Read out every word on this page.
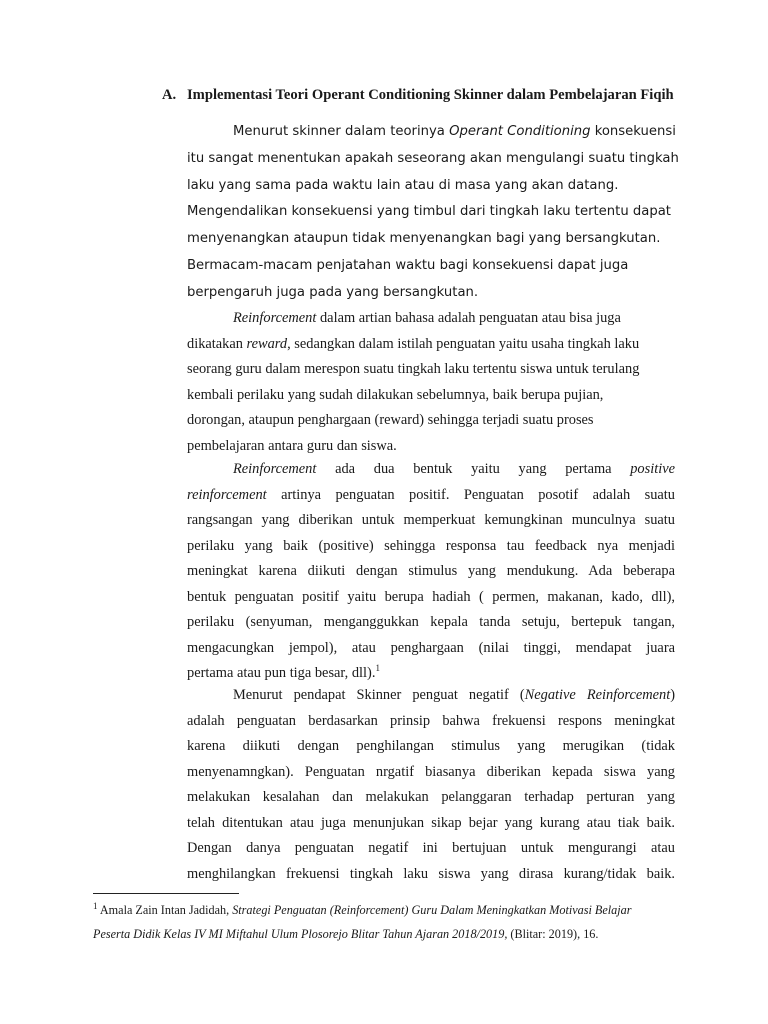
A. Implementasi Teori Operant Conditioning Skinner dalam Pembelajaran Fiqih
Menurut skinner dalam teorinya Operant Conditioning konsekuensi
itu sangat menentukan apakah seseorang akan mengulangi suatu tingkah
laku yang sama pada waktu lain atau di masa yang akan datang.
Mengendalikan konsekuensi yang timbul dari tingkah laku tertentu dapat
menyenangkan ataupun tidak menyenangkan bagi yang bersangkutan.
Bermacam-macam penjatahan waktu bagi konsekuensi dapat juga
berpengaruh juga pada yang bersangkutan.
Reinforcement dalam artian bahasa adalah penguatan atau bisa juga
dikatakan reward, sedangkan dalam istilah penguatan yaitu usaha tingkah laku
seorang guru dalam merespon suatu tingkah laku tertentu siswa untuk terulang
kembali perilaku yang sudah dilakukan sebelumnya, baik berupa pujian,
dorongan, ataupun penghargaan (reward) sehingga terjadi suatu proses
pembelajaran antara guru dan siswa.
Reinforcement ada dua bentuk yaitu yang pertama positive
reinforcement artinya penguatan positif. Penguatan posotif adalah suatu
rangsangan yang diberikan untuk memperkuat kemungkinan munculnya suatu
perilaku yang baik (positive) sehingga responsa tau feedback nya menjadi
meningkat karena diikuti dengan stimulus yang mendukung. Ada beberapa
bentuk penguatan positif yaitu berupa hadiah ( permen, makanan, kado, dll),
perilaku (senyuman, menganggukkan kepala tanda setuju, bertepuk tangan,
mengacungkan jempol), atau penghargaan (nilai tinggi, mendapat juara
pertama atau pun tiga besar, dll).$^1$
Menurut pendapat Skinner penguat negatif (Negative Reinforcement)
adalah penguatan berdasarkan prinsip bahwa frekuensi respons meningkat
karena diikuti dengan penghilangan stimulus yang merugikan (tidak
menyenamngkan). Penguatan nrgatif biasanya diberikan kepada siswa yang
melakukan kesalahan dan melakukan pelanggaran terhadap perturan yang
telah ditentukan atau juga menunjukan sikap bejar yang kurang atau tiak baik.
Dengan danya penguatan negatif ini bertujuan untuk mengurangi atau
menghilangkan frekuensi tingkah laku siswa yang dirasa kurang/tidak baik.
$^1$ Amala Zain Intan Jadidah, Strategi Penguatan (Reinforcement) Guru Dalam Meningkatkan Motivasi Belajar
Peserta Didik Kelas IV MI Miftahul Ulum Plosorejo Blitar Tahun Ajaran 2018/2019, (Blitar: 2019), 16.
